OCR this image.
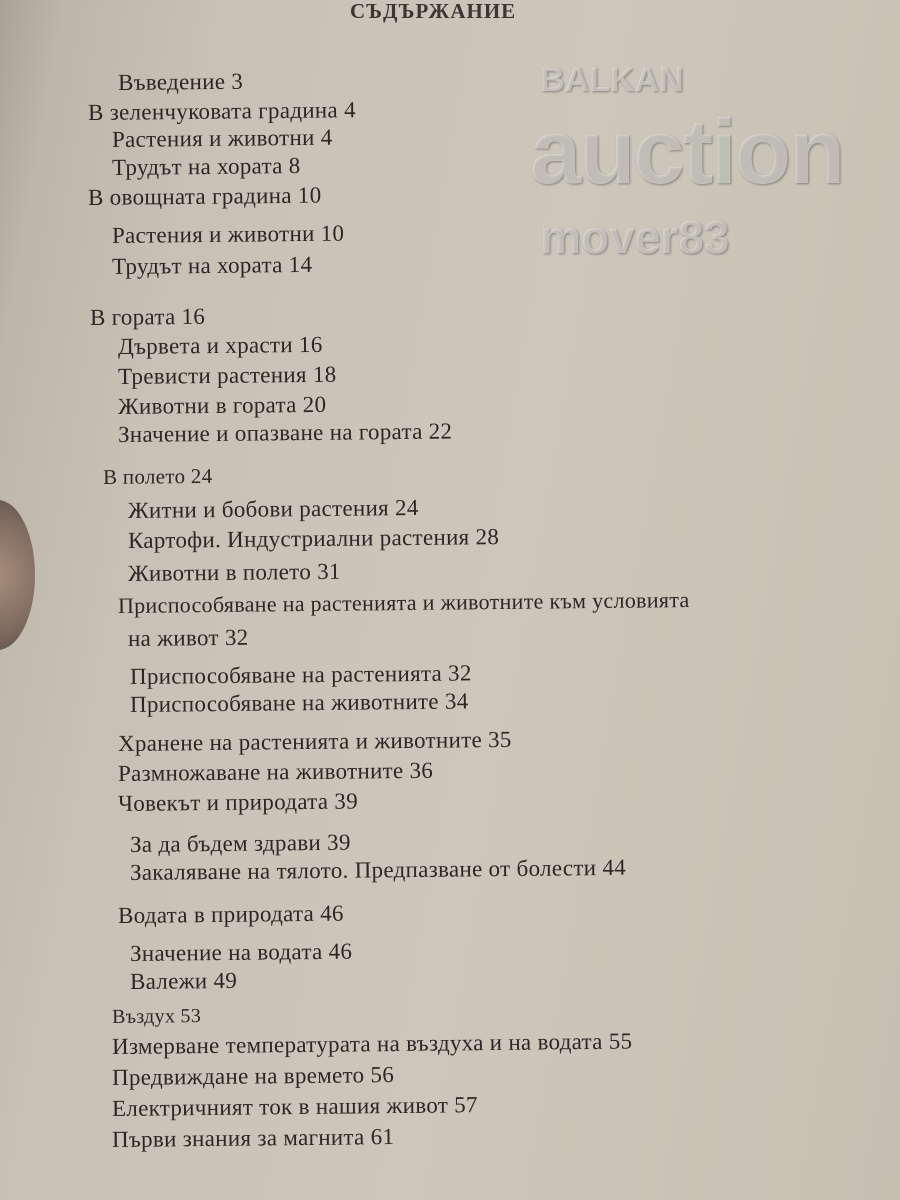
СЪДЪРЖАНИЕ
Въведение 3
В зеленчуковата градина 4
Растения и животни 4
Трудът на хората 8
В овощната градина 10
Растения и животни 10
Трудът на хората 14
В гората 16
Дървета и храсти 16
Тревисти растения 18
Животни в гората 20
Значение и опазване на гората 22
В полето 24
Житни и бобови растения 24
Картофи. Индустриални растения 28
Животни в полето 31
Приспособяване на растенията и животните към условията
на живот 32
Приспособяване на растенията 32
Приспособяване на животните 34
Хранене на растенията и животните 35
Размножаване на животните 36
Човекът и природата 39
За да бъдем здрави 39
Закаляване на тялото. Предпазване от болести 44
Водата в природата 46
Значение на водата 46
Валежи 49
Въздух 53
Измерване температурата на въздуха и на водата 55
Предвиждане на времето 56
Електричният ток в нашия живот 57
Първи знания за магнита 61
BALKAN
auction
mover83
